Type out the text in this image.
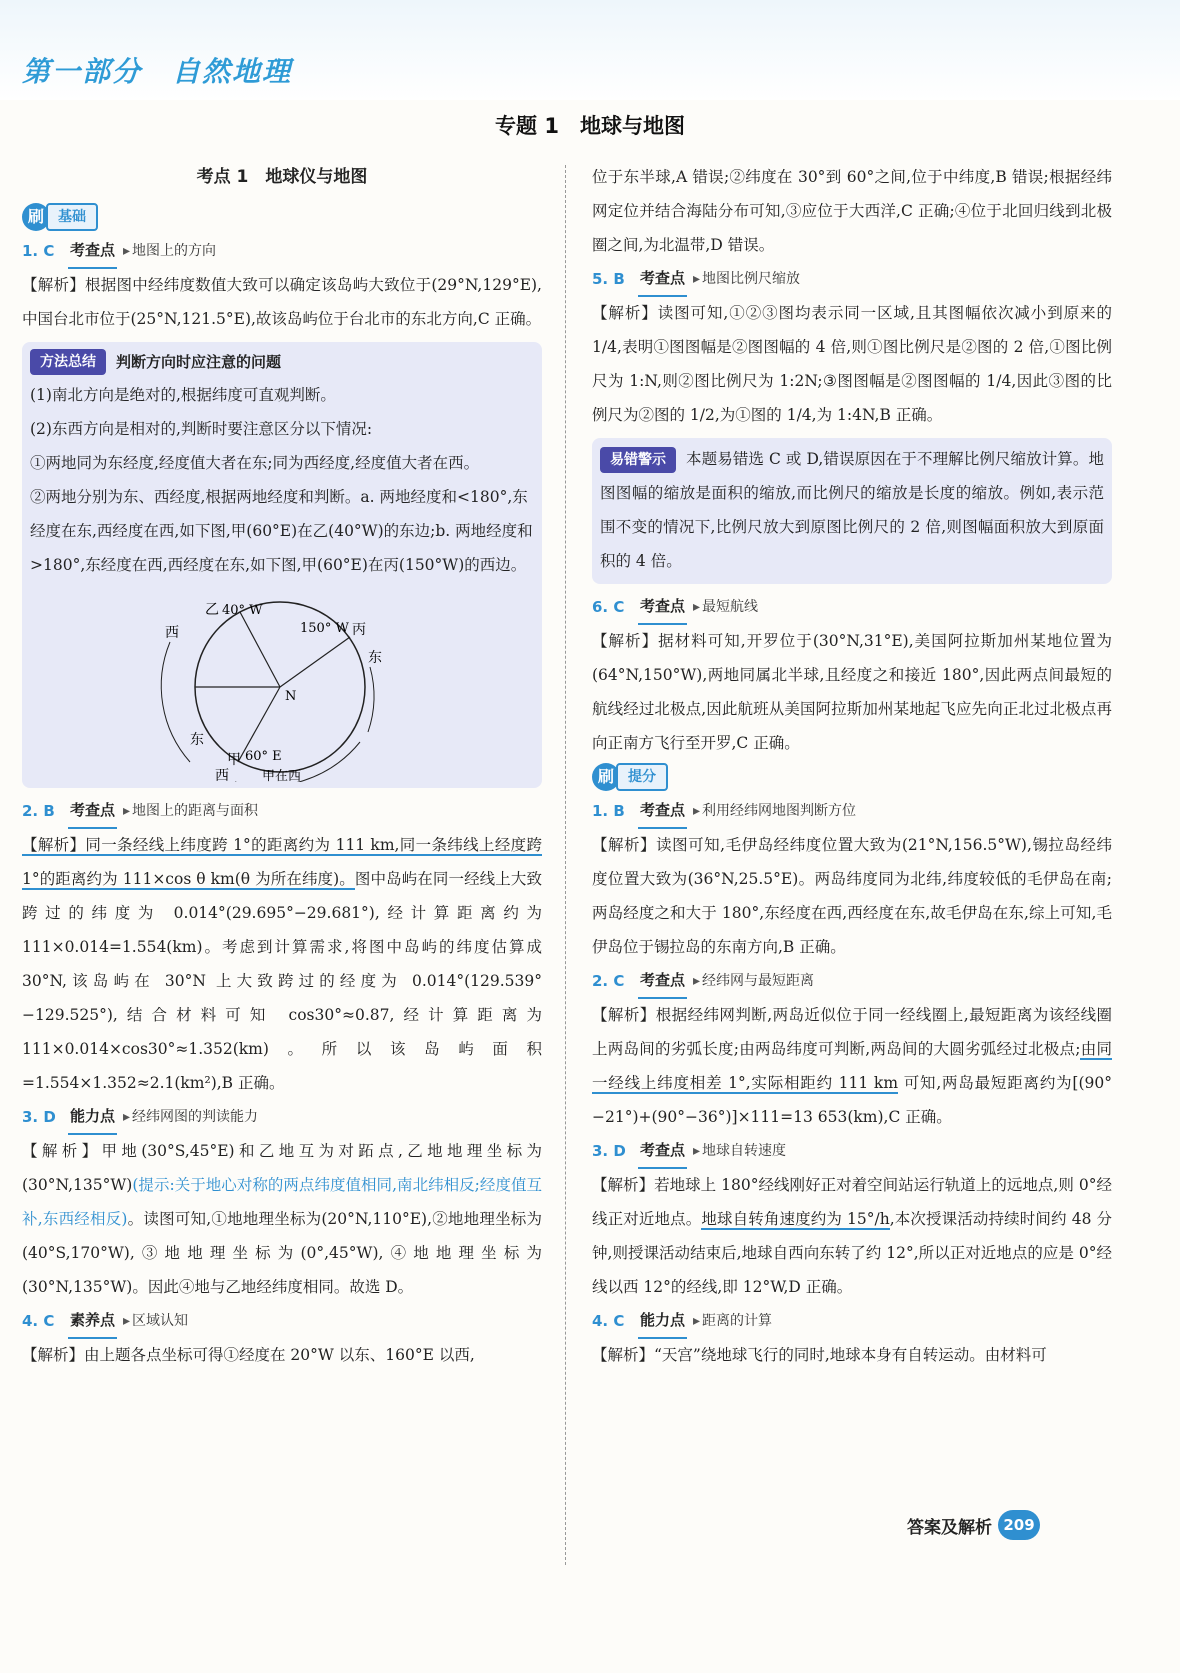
第一部分　自然地理
专题 1　地球与地图
考点 1　地球仪与地图
刷	基础
1. C	考查点	▸ 地图上的方向
【解析】根据图中经纬度数值大致可以确定该岛屿大致位于(29°N,129°E),中国台北市位于(25°N,121.5°E),故该岛屿位于台北市的东北方向,C 正确。
方法总结	判断方向时应注意的问题
(1)南北方向是绝对的,根据纬度可直观判断。
(2)东西方向是相对的,判断时要注意区分以下情况:
①两地同为东经度,经度值大者在东;同为西经度,经度值大者在西。
②两地分别为东、西经度,根据两地经度和判断。a. 两地经度和<180°,东经度在东,西经度在西,如下图,甲(60°E)在乙(40°W)的东边;b. 两地经度和>180°,东经度在西,西经度在东,如下图,甲(60°E)在丙(150°W)的西边。
乙 40° W
150° W 丙
N
60° E
甲
西
东
西
东
甲在西
2. B	考查点	▸ 地图上的距离与面积
【解析】同一条经线上纬度跨 1°的距离约为 111 km,同一条纬线上经度跨 1°的距离约为 111×cos θ km(θ 为所在纬度)。图中岛屿在同一经线上大致跨过的纬度为 0.014°(29.695°−29.681°),经计算距离约为 111×0.014=1.554(km)。考虑到计算需求,将图中岛屿的纬度估算成 30°N,该岛屿在 30°N 上大致跨过的经度为 0.014°(129.539°−129.525°),结合材料可知 cos30°≈0.87,经计算距离为 111×0.014×cos30°≈1.352(km)。所以该岛屿面积=1.554×1.352≈2.1(km²),B 正确。
3. D 能力点	▸ 经纬网图的判读能力
【解析】甲地(30°S,45°E)和乙地互为对跖点,乙地地理坐标为(30°N,135°W)(提示:关于地心对称的两点纬度值相同,南北纬相反;经度值互补,东西经相反)。读图可知,①地地理坐标为(20°N,110°E),②地地理坐标为(40°S,170°W),③地地理坐标为(0°,45°W),④地地理坐标为(30°N,135°W)。因此④地与乙地经纬度相同。故选 D。
4. C	素养点	▸ 区域认知
【解析】由上题各点坐标可得①经度在 20°W 以东、160°E 以西,
位于东半球,A 错误;②纬度在 30°到 60°之间,位于中纬度,B 错误;根据经纬网定位并结合海陆分布可知,③应位于大西洋,C 正确;④位于北回归线到北极圈之间,为北温带,D 错误。
5. B	考查点	▸ 地图比例尺缩放
【解析】读图可知,①②③图均表示同一区域,且其图幅依次减小到原来的 1/4,表明①图图幅是②图图幅的 4 倍,则①图比例尺是②图的 2 倍,①图比例尺为 1:N,则②图比例尺为 1:2N;③图图幅是②图图幅的 1/4,因此③图的比例尺为②图的 1/2,为①图的 1/4,为 1:4N,B 正确。
易错警示 本题易错选 C 或 D,错误原因在于不理解比例尺缩放计算。地图图幅的缩放是面积的缩放,而比例尺的缩放是长度的缩放。例如,表示范围不变的情况下,比例尺放大到原图比例尺的 2 倍,则图幅面积放大到原面积的 4 倍。
6. C	考查点	▸ 最短航线
【解析】据材料可知,开罗位于(30°N,31°E),美国阿拉斯加州某地位置为(64°N,150°W),两地同属北半球,且经度之和接近 180°,因此两点间最短的航线经过北极点,因此航班从美国阿拉斯加州某地起飞应先向正北过北极点再向正南方飞行至开罗,C 正确。
刷	提分
1. B	考查点	▸ 利用经纬网地图判断方位
【解析】读图可知,毛伊岛经纬度位置大致为(21°N,156.5°W),锡拉岛经纬度位置大致为(36°N,25.5°E)。两岛纬度同为北纬,纬度较低的毛伊岛在南;两岛经度之和大于 180°,东经度在西,西经度在东,故毛伊岛在东,综上可知,毛伊岛位于锡拉岛的东南方向,B 正确。
2. C	考查点	▸ 经纬网与最短距离
【解析】根据经纬网判断,两岛近似位于同一经线圈上,最短距离为该经线圈上两岛间的劣弧长度;由两岛纬度可判断,两岛间的大圆劣弧经过北极点;由同一经线上纬度相差 1°,实际相距约 111 km 可知,两岛最短距离约为[(90°−21°)+(90°−36°)]×111=13 653(km),C 正确。
3. D 考查点	▸ 地球自转速度
【解析】若地球上 180°经线刚好正对着空间站运行轨道上的远地点,则 0°经线正对近地点。地球自转角速度约为 15°/h,本次授课活动持续时间约 48 分钟,则授课活动结束后,地球自西向东转了约 12°,所以正对近地点的应是 0°经线以西 12°的经线,即 12°W,D 正确。
4. C	能力点	▸ 距离的计算
【解析】“天宫”绕地球飞行的同时,地球本身有自转运动。由材料可
答案及解析 209
